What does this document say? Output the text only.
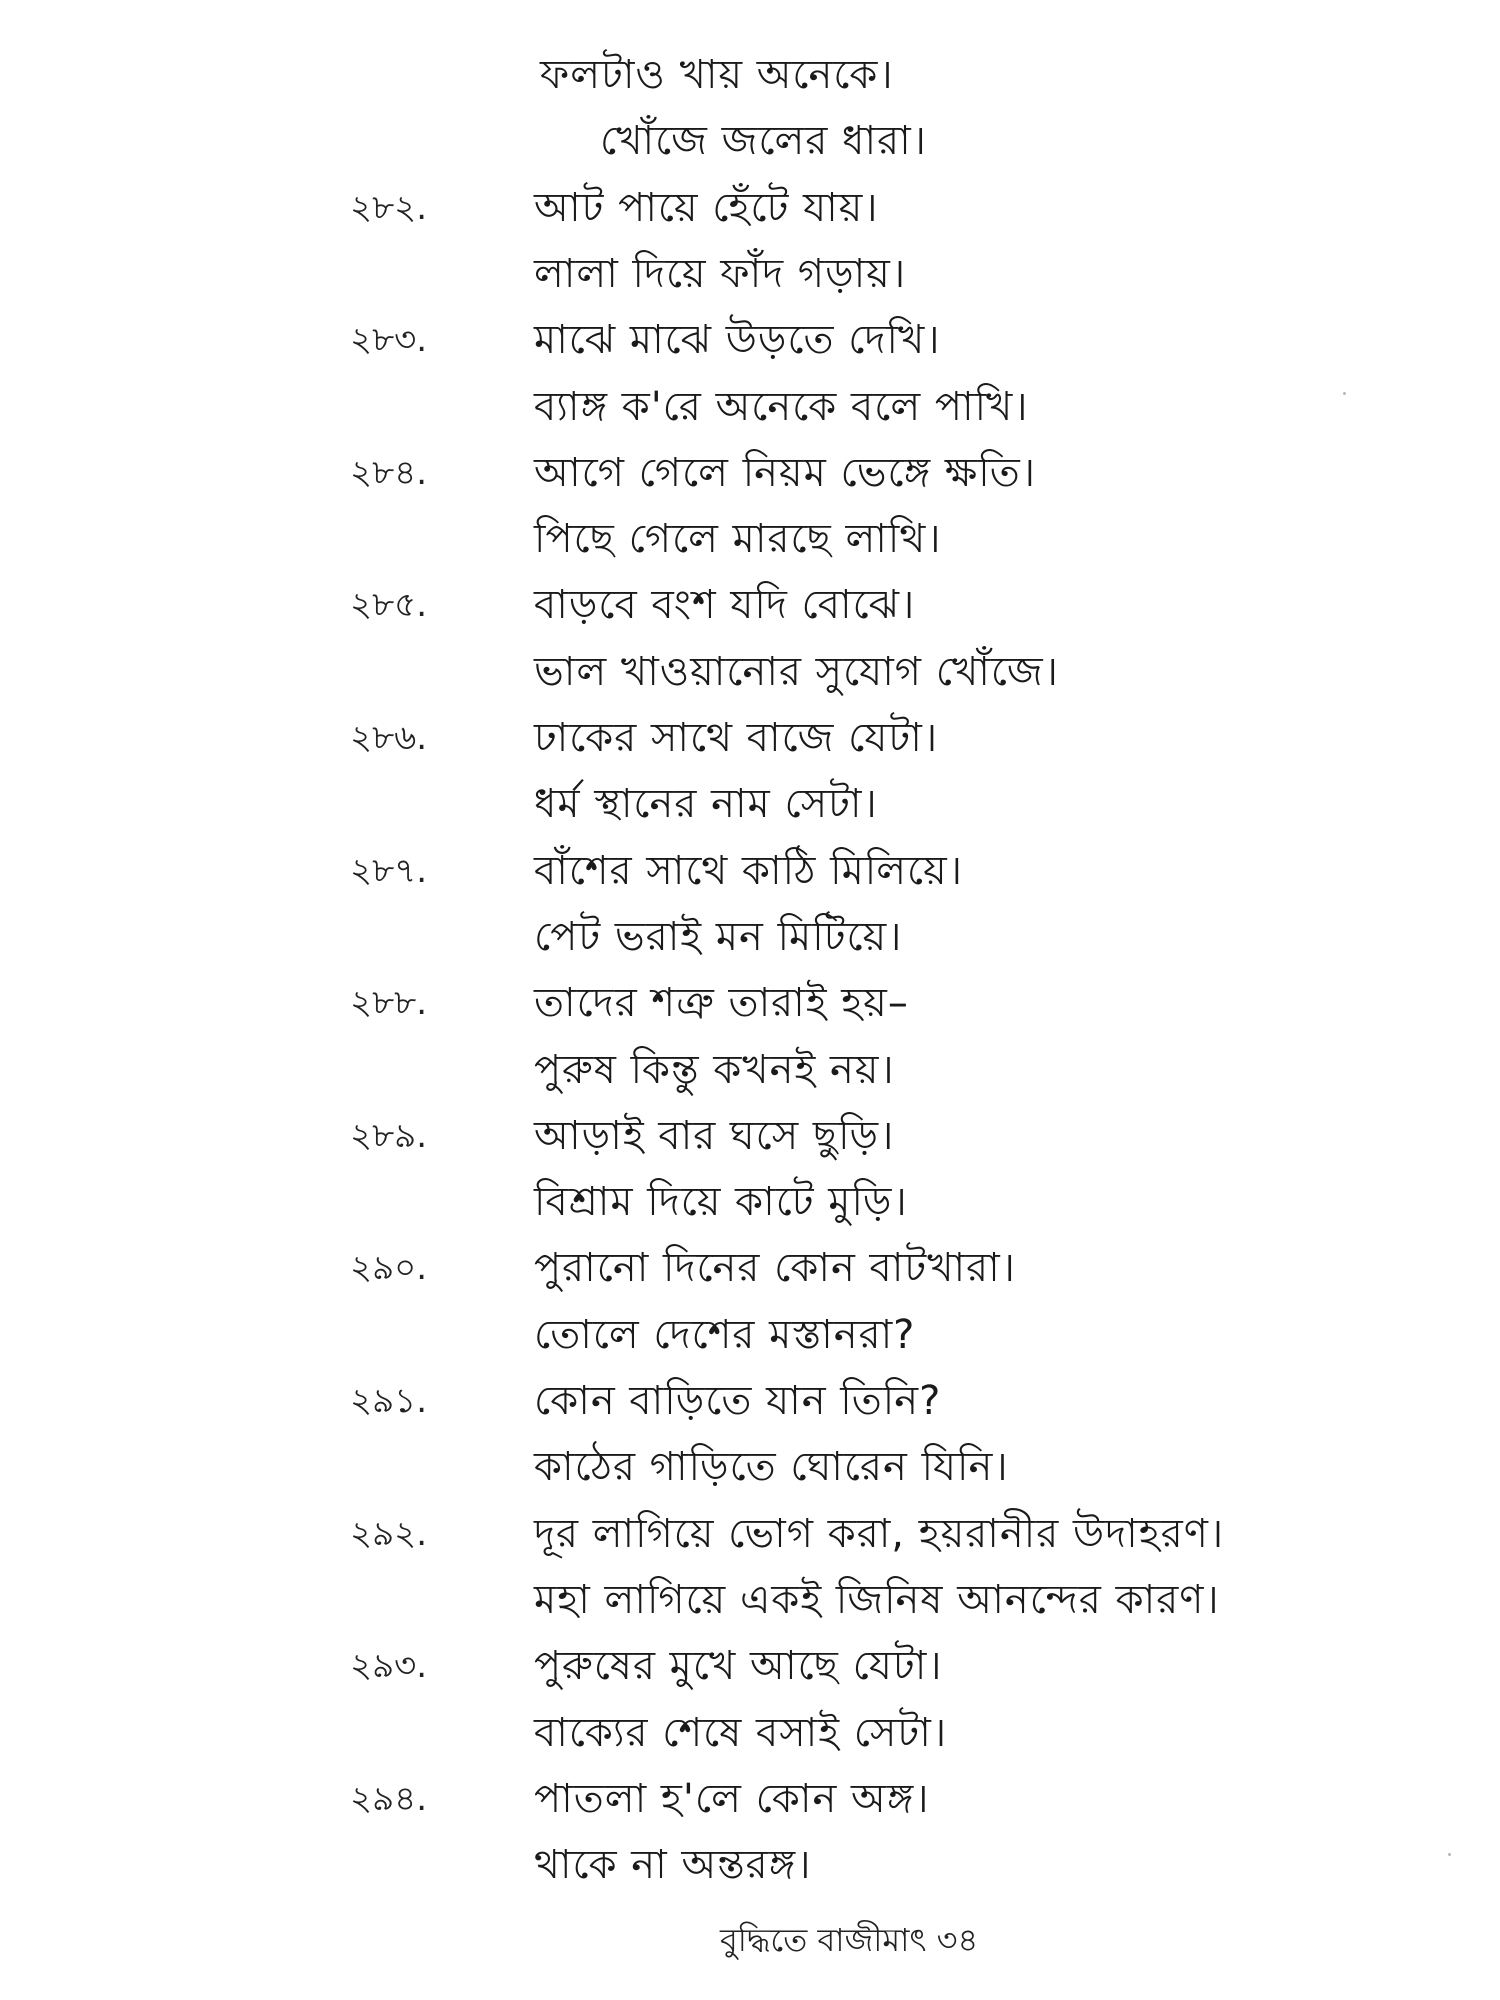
বুদ্ধিতে বাজীমাৎ ৩৪
ফলটাও খায় অনেকে।
খোঁজে জলের ধারা।
২৮২.	আট পায়ে হেঁটে যায়।
লালা দিয়ে ফাঁদ গড়ায়।
২৮৩.	মাঝে মাঝে উড়তে দেখি।
ব্যাঙ্গ ক'রে অনেকে বলে পাখি।
২৮৪.	আগে গেলে নিয়ম ভেঙ্গে ক্ষতি।
পিছে গেলে মারছে লাথি।
২৮৫.	বাড়বে বংশ যদি বোঝে।
ভাল খাওয়ানোর সুযোগ খোঁজে।
২৮৬.	ঢাকের সাথে বাজে যেটা।
ধর্ম স্থানের নাম সেটা।
২৮৭.	বাঁশের সাথে কাঠি মিলিয়ে।
পেট ভরাই মন মিটিয়ে।
২৮৮.	তাদের শত্রু তারাই হয়–
পুরুষ কিন্তু কখনই নয়।
২৮৯.	আড়াই বার ঘসে ছুড়ি।
বিশ্রাম দিয়ে কাটে মুড়ি।
২৯০.	পুরানো দিনের কোন বাটখারা।
তোলে দেশের মস্তানরা?
২৯১.	কোন বাড়িতে যান তিনি?
কাঠের গাড়িতে ঘোরেন যিনি।
২৯২.	দূর লাগিয়ে ভোগ করা, হয়রানীর উদাহরণ।
মহা লাগিয়ে একই জিনিষ আনন্দের কারণ।
২৯৩.	পুরুষের মুখে আছে যেটা।
বাক্যের শেষে বসাই সেটা।
২৯৪.	পাতলা হ'লে কোন অঙ্গ।
থাকে না অন্তরঙ্গ।
